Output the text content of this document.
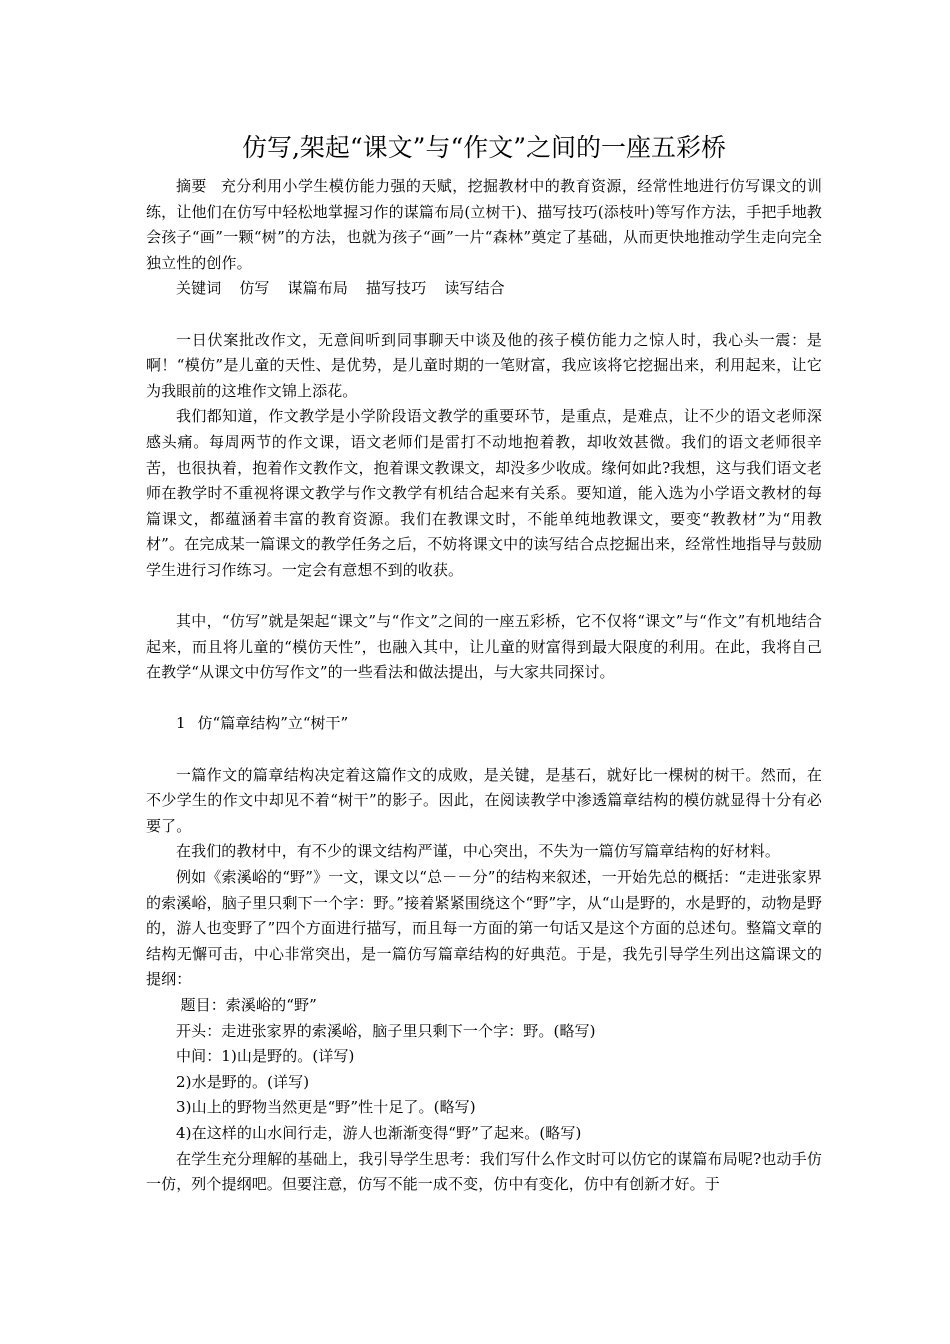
仿写,架起“课文”与“作文”之间的一座五彩桥

摘要 充分利用小学生模仿能力强的天赋，挖掘教材中的教育资源，经常性地进行仿写课文的训练，让他们在仿写中轻松地掌握习作的谋篇布局(立树干)、描写技巧(添枝叶)等写作方法，手把手地教会孩子“画”一颗“树”的方法，也就为孩子“画”一片“森林”奠定了基础，从而更快地推动学生走向完全独立性的创作。

关键词 仿写 谋篇布局 描写技巧 读写结合

一日伏案批改作文，无意间听到同事聊天中谈及他的孩子模仿能力之惊人时，我心头一震：是啊！“模仿”是儿童的天性、是优势，是儿童时期的一笔财富，我应该将它挖掘出来，利用起来，让它为我眼前的这堆作文锦上添花。

我们都知道，作文教学是小学阶段语文教学的重要环节，是重点，是难点，让不少的语文老师深感头痛。每周两节的作文课，语文老师们是雷打不动地抱着教，却收效甚微。我们的语文老师很辛苦，也很执着，抱着作文教作文，抱着课文教课文，却没多少收成。缘何如此?我想，这与我们语文老师在教学时不重视将课文教学与作文教学有机结合起来有关系。要知道，能入选为小学语文教材的每篇课文，都蕴涵着丰富的教育资源。我们在教课文时，不能单纯地教课文，要变“教教材”为“用教材”。在完成某一篇课文的教学任务之后，不妨将课文中的读写结合点挖掘出来，经常性地指导与鼓励学生进行习作练习。一定会有意想不到的收获。

其中，“仿写”就是架起“课文”与“作文”之间的一座五彩桥，它不仅将“课文”与“作文”有机地结合起来，而且将儿童的“模仿天性”，也融入其中，让儿童的财富得到最大限度的利用。在此，我将自己在教学“从课文中仿写作文”的一些看法和做法提出，与大家共同探讨。

1 仿“篇章结构”立“树干”

一篇作文的篇章结构决定着这篇作文的成败，是关键，是基石，就好比一棵树的树干。然而，在不少学生的作文中却见不着“树干”的影子。因此，在阅读教学中渗透篇章结构的模仿就显得十分有必要了。

在我们的教材中，有不少的课文结构严谨，中心突出，不失为一篇仿写篇章结构的好材料。

例如《索溪峪的“野”》一文，课文以“总－－分”的结构来叙述，一开始先总的概括：“走进张家界的索溪峪，脑子里只剩下一个字：野。”接着紧紧围绕这个“野”字，从“山是野的，水是野的，动物是野的，游人也变野了”四个方面进行描写，而且每一方面的第一句话又是这个方面的总述句。整篇文章的结构无懈可击，中心非常突出，是一篇仿写篇章结构的好典范。于是，我先引导学生列出这篇课文的提纲：

题目：索溪峪的“野”

开头：走进张家界的索溪峪，脑子里只剩下一个字：野。(略写)

中间：1)山是野的。(详写)

2)水是野的。(详写)

3)山上的野物当然更是“野”性十足了。(略写)

4)在这样的山水间行走，游人也渐渐变得“野”了起来。(略写)

在学生充分理解的基础上，我引导学生思考：我们写什么作文时可以仿它的谋篇布局呢?也动手仿一仿，列个提纲吧。但要注意，仿写不能一成不变，仿中有变化，仿中有创新才好。于
